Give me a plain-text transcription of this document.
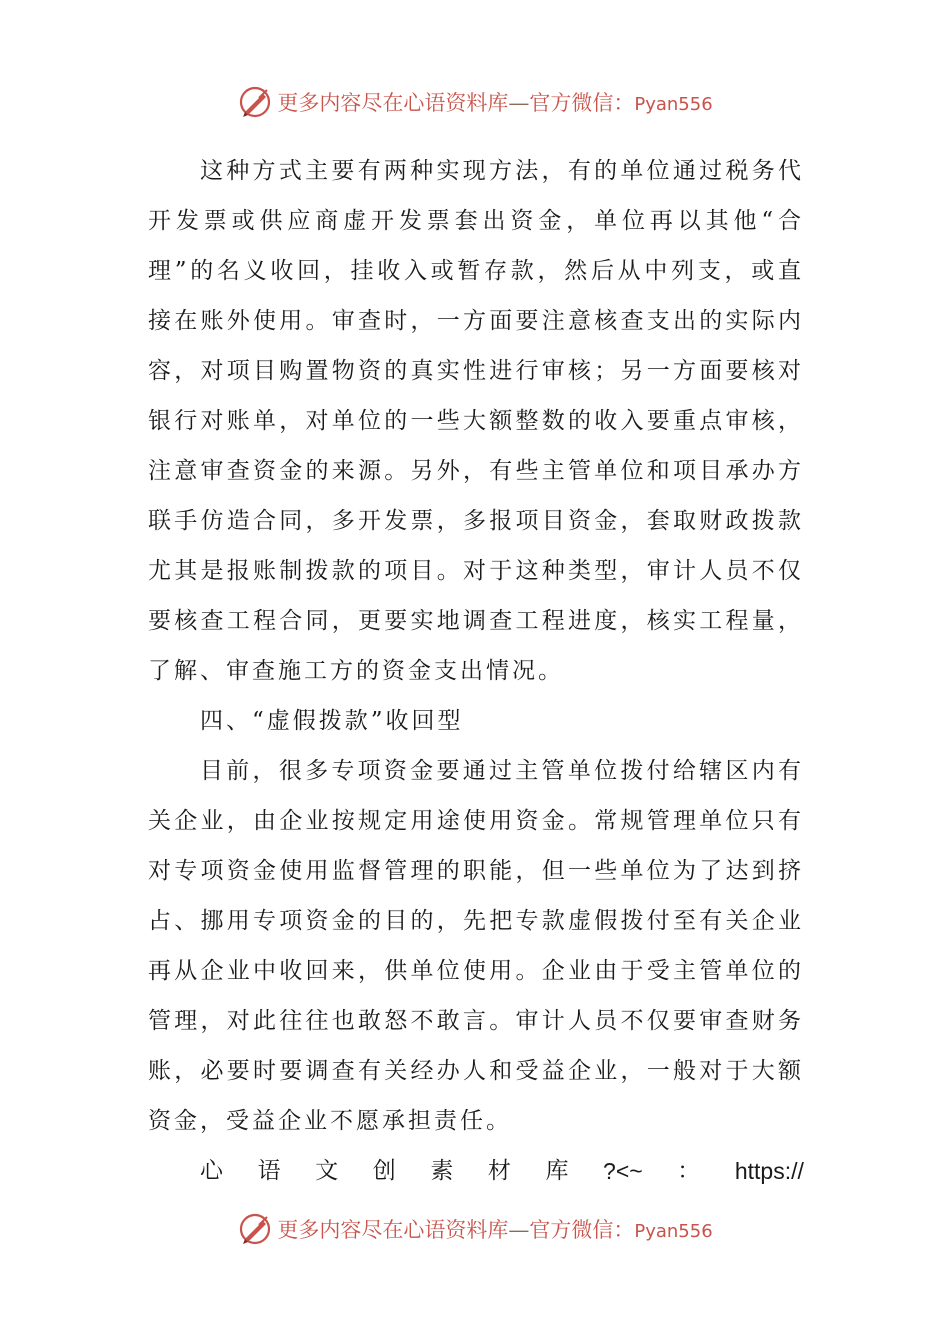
更多内容尽在心语资料库—官方微信：Pyan556
这种方式主要有两种实现方法，有的单位通过税务代
开发票或供应商虚开发票套出资金，单位再以其他“合
理”的名义收回，挂收入或暂存款，然后从中列支，或直
接在账外使用。审查时，一方面要注意核查支出的实际内
容，对项目购置物资的真实性进行审核；另一方面要核对
银行对账单，对单位的一些大额整数的收入要重点审核，
注意审查资金的来源。另外，有些主管单位和项目承办方
联手仿造合同，多开发票，多报项目资金，套取财政拨款
尤其是报账制拨款的项目。对于这种类型，审计人员不仅
要核查工程合同，更要实地调查工程进度，核实工程量，
了解、审查施工方的资金支出情况。
四、“虚假拨款”收回型
目前，很多专项资金要通过主管单位拨付给辖区内有
关企业，由企业按规定用途使用资金。常规管理单位只有
对专项资金使用监督管理的职能，但一些单位为了达到挤
占、挪用专项资金的目的，先把专款虚假拨付至有关企业
再从企业中收回来，供单位使用。企业由于受主管单位的
管理，对此往往也敢怒不敢言。审计人员不仅要审查财务
账，必要时要调查有关经办人和受益企业，一般对于大额
资金，受益企业不愿承担责任。
心 语 文 创 素 材 库 ?<~ ： https://
更多内容尽在心语资料库—官方微信：Pyan556
